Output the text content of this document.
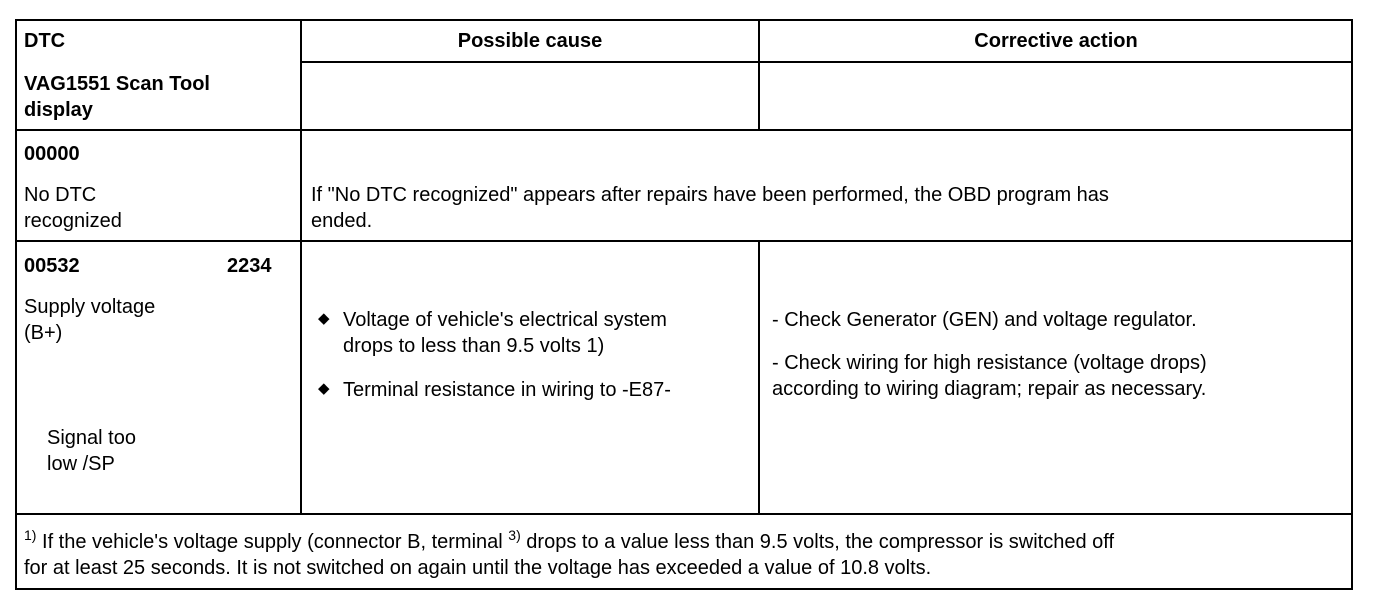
DTC
VAG1551 Scan Tool display
Possible cause	Corrective action
00000
No DTC
recognized
If "No DTC recognized" appears after repairs have been performed, the OBD program has
ended.
00532	2234
Supply voltage
(B+)
Signal too
low /SP
◆ Voltage of vehicle's electrical system
drops to less than 9.5 volts 1)
◆ Terminal resistance in wiring to -E87-
- Check Generator (GEN) and voltage regulator.
- Check wiring for high resistance (voltage drops)
according to wiring diagram; repair as necessary.
$^{1)}$ If the vehicle's voltage supply (connector B, terminal $^{3)}$ drops to a value less than 9.5 volts, the compressor is switched off
for at least 25 seconds. It is not switched on again until the voltage has exceeded a value of 10.8 volts.
